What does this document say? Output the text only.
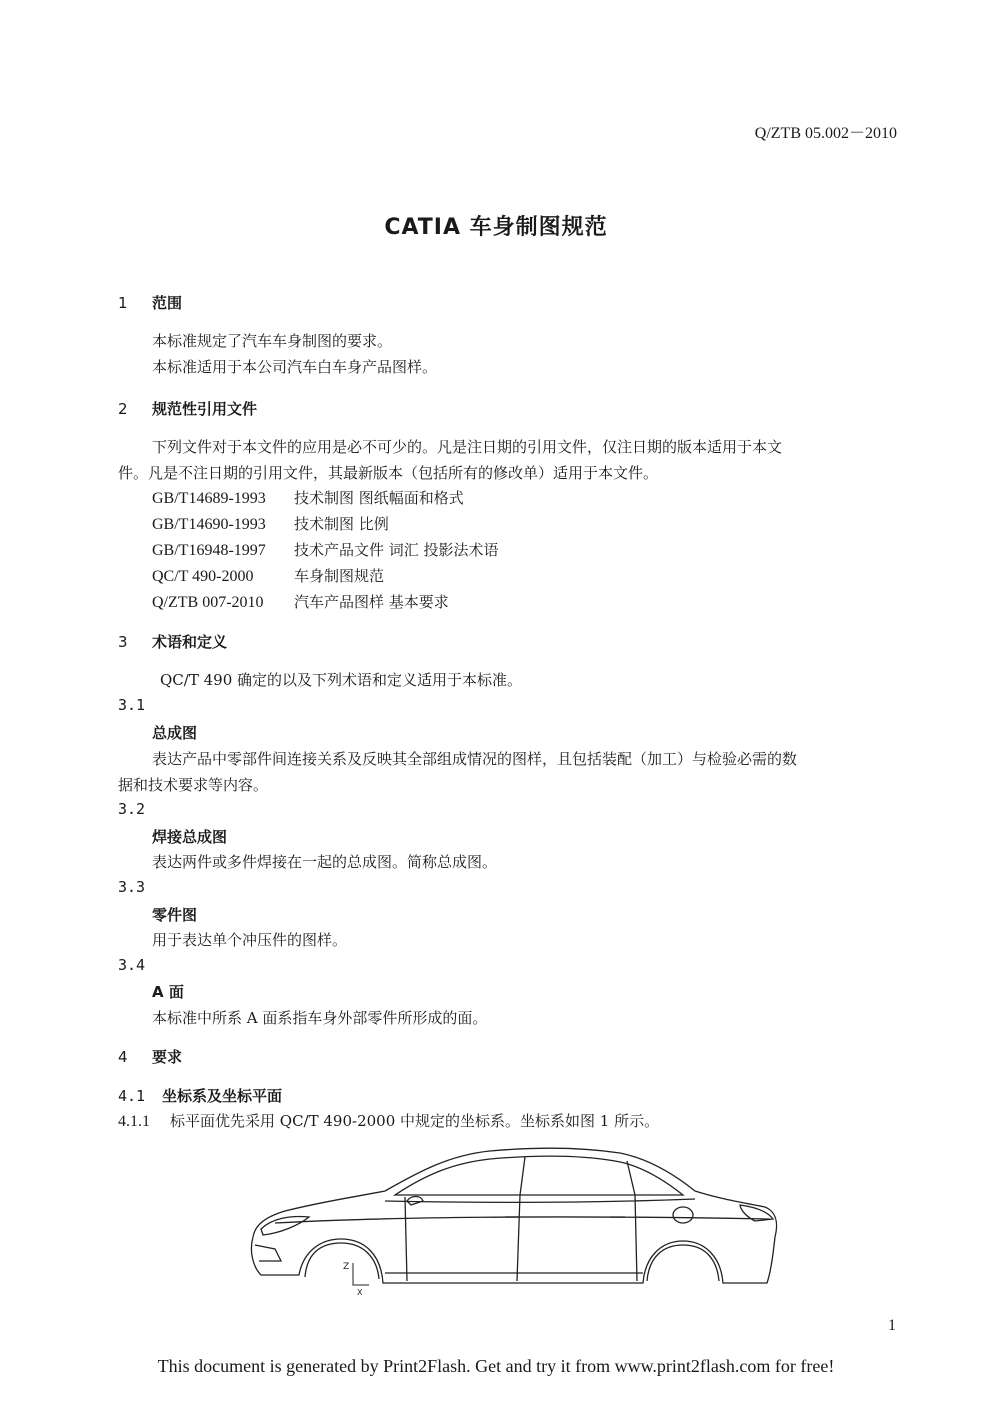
Q/ZTB 05.002－2010
CATIA 车身制图规范
1 范围
本标准规定了汽车车身制图的要求。
本标准适用于本公司汽车白车身产品图样。
2 规范性引用文件
下列文件对于本文件的应用是必不可少的。凡是注日期的引用文件，仅注日期的版本适用于本文
件。凡是不注日期的引用文件，其最新版本（包括所有的修改单）适用于本文件。
GB/T14689-1993 技术制图 图纸幅面和格式
GB/T14690-1993 技术制图 比例
GB/T16948-1997 技术产品文件 词汇 投影法术语
QC/T 490-2000	车身制图规范
Q/ZTB 007-2010 汽车产品图样 基本要求
3 术语和定义
QC/T 490 确定的以及下列术语和定义适用于本标准。
3.1
总成图
表达产品中零部件间连接关系及反映其全部组成情况的图样，且包括装配（加工）与检验必需的数
据和技术要求等内容。
3.2
焊接总成图
表达两件或多件焊接在一起的总成图。简称总成图。
3.3
零件图
用于表达单个冲压件的图样。
3.4
A 面
本标准中所系 A 面系指车身外部零件所形成的面。
4 要求
4.1 坐标系及坐标平面
4.1.1 标平面优先采用 QC/T 490-2000 中规定的坐标系。坐标系如图 1 所示。
Z
X
1
This document is generated by Print2Flash. Get and try it from www.print2flash.com for free!
